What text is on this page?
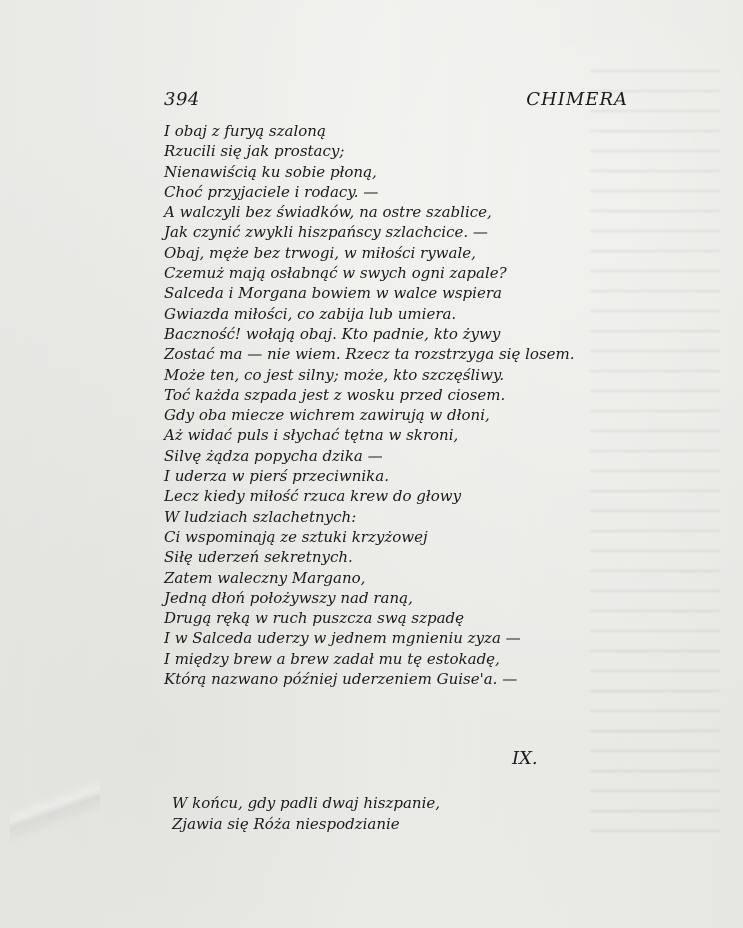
394	CHIMERA
I obaj z furyą szaloną
Rzucili się jak prostacy;
Nienawiścią ku sobie płoną,
Choć przyjaciele i rodacy. —
A walczyli bez świadków, na ostre szablice,
Jak czynić zwykli hiszpańscy szlachcice. —
Obaj, męże bez trwogi, w miłości rywale,
Czemuż mają osłabnąć w swych ogni zapale?
Salceda i Morgana bowiem w walce wspiera
Gwiazda miłości, co zabija lub umiera.
Baczność! wołają obaj. Kto padnie, kto żywy
Zostać ma — nie wiem. Rzecz ta rozstrzyga się losem.
Może ten, co jest silny; może, kto szczęśliwy.
Toć każda szpada jest z wosku przed ciosem.
Gdy oba miecze wichrem zawirują w dłoni,
Aż widać puls i słychać tętna w skroni,
Silvę żądza popycha dzika —
I uderza w pierś przeciwnika.
Lecz kiedy miłość rzuca krew do głowy
W ludziach szlachetnych:
Ci wspominają ze sztuki krzyżowej
Siłę uderzeń sekretnych.
Zatem waleczny Margano,
Jedną dłoń położywszy nad raną,
Drugą ręką w ruch puszcza swą szpadę
I w Salceda uderzy w jednem mgnieniu zyza —
I między brew a brew zadał mu tę estokadę,
Którą nazwano później uderzeniem Guise'a. —
IX.
W końcu, gdy padli dwaj hiszpanie,
Zjawia się Róża niespodzianie
